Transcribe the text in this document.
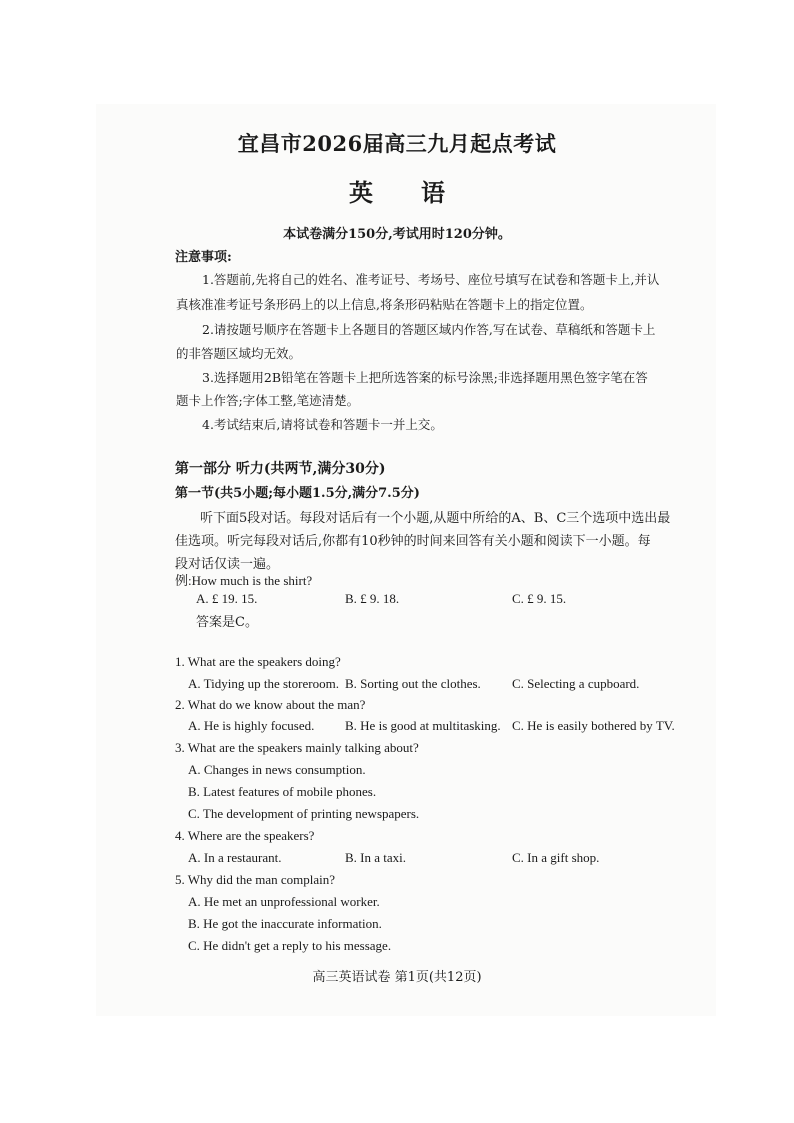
宜昌市2026届高三九月起点考试
英 语
本试卷满分150分,考试用时120分钟。
注意事项:
1.答题前,先将自己的姓名、准考证号、考场号、座位号填写在试卷和答题卡上,并认
真核准准考证号条形码上的以上信息,将条形码粘贴在答题卡上的指定位置。
2.请按题号顺序在答题卡上各题目的答题区域内作答,写在试卷、草稿纸和答题卡上
的非答题区域均无效。
3.选择题用2B铅笔在答题卡上把所选答案的标号涂黑;非选择题用黑色签字笔在答
题卡上作答;字体工整,笔迹清楚。
4.考试结束后,请将试卷和答题卡一并上交。
第一部分 听力(共两节,满分30分)
第一节(共5小题;每小题1.5分,满分7.5分)
听下面5段对话。每段对话后有一个小题,从题中所给的A、B、C三个选项中选出最
佳选项。听完每段对话后,你都有10秒钟的时间来回答有关小题和阅读下一小题。每
段对话仅读一遍。
例:How much is the shirt?
A. £ 19. 15.	B. £ 9. 18.	C. £ 9. 15.
答案是C。
1. What are the speakers doing?
A. Tidying up the storeroom. B. Sorting out the clothes. C. Selecting a cupboard.
2. What do we know about the man?
A. He is highly focused. B. He is good at multitasking. C. He is easily bothered by TV.
3. What are the speakers mainly talking about?
A. Changes in news consumption.
B. Latest features of mobile phones.
C. The development of printing newspapers.
4. Where are the speakers?
A. In a restaurant.	B. In a taxi.	C. In a gift shop.
5. Why did the man complain?
A. He met an unprofessional worker.
B. He got the inaccurate information.
C. He didn't get a reply to his message.
高三英语试卷 第1页(共12页)
